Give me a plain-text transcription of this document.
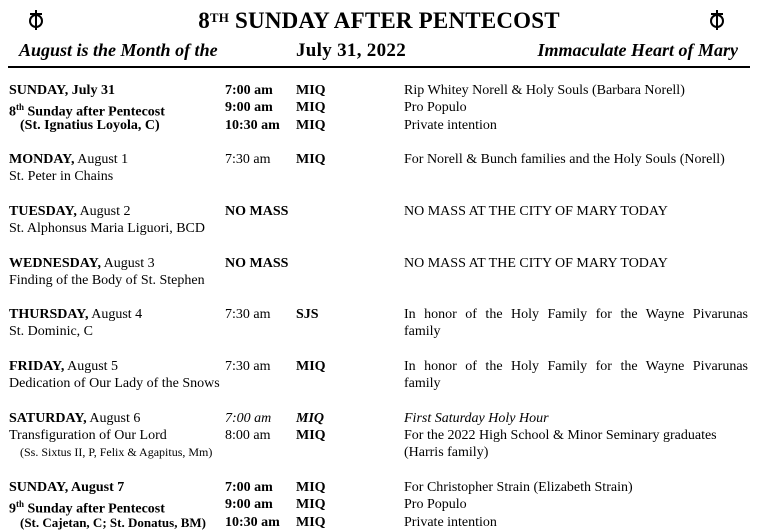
8TH SUNDAY AFTER PENTECOST
August is the Month of the	July 31, 2022	Immaculate Heart of Mary
SUNDAY, July 31	7:00 am MIQ	Rip Whitey Norell & Holy Souls (Barbara Norell)
8th Sunday after Pentecost	9:00 am MIQ	Pro Populo
(St. Ignatius Loyola, C)	10:30 am MIQ	Private intention
MONDAY, August 1	7:30 am MIQ	For Norell & Bunch families and the Holy Souls (Norell)
St. Peter in Chains
TUESDAY, August 2	NO MASS	NO MASS AT THE CITY OF MARY TODAY
St. Alphonsus Maria Liguori, BCD
WEDNESDAY, August 3	NO MASS	NO MASS AT THE CITY OF MARY TODAY
Finding of the Body of St. Stephen
THURSDAY, August 4	7:30 am SJS	In honor of the Holy Family for the Wayne Pivarunas
St. Dominic, C	family
FRIDAY, August 5	7:30 am MIQ	In honor of the Holy Family for the Wayne Pivarunas
Dedication of Our Lady of the Snows	family
SATURDAY, August 6	7:00 am MIQ	First Saturday Holy Hour
Transfiguration of Our Lord	8:00 am MIQ	For the 2022 High School & Minor Seminary graduates
(Ss. Sixtus II, P, Felix & Agapitus, Mm)	(Harris family)
SUNDAY, August 7	7:00 am MIQ	For Christopher Strain (Elizabeth Strain)
9th Sunday after Pentecost	9:00 am MIQ	Pro Populo
(St. Cajetan, C; St. Donatus, BM) 10:30 am MIQ	Private intention
